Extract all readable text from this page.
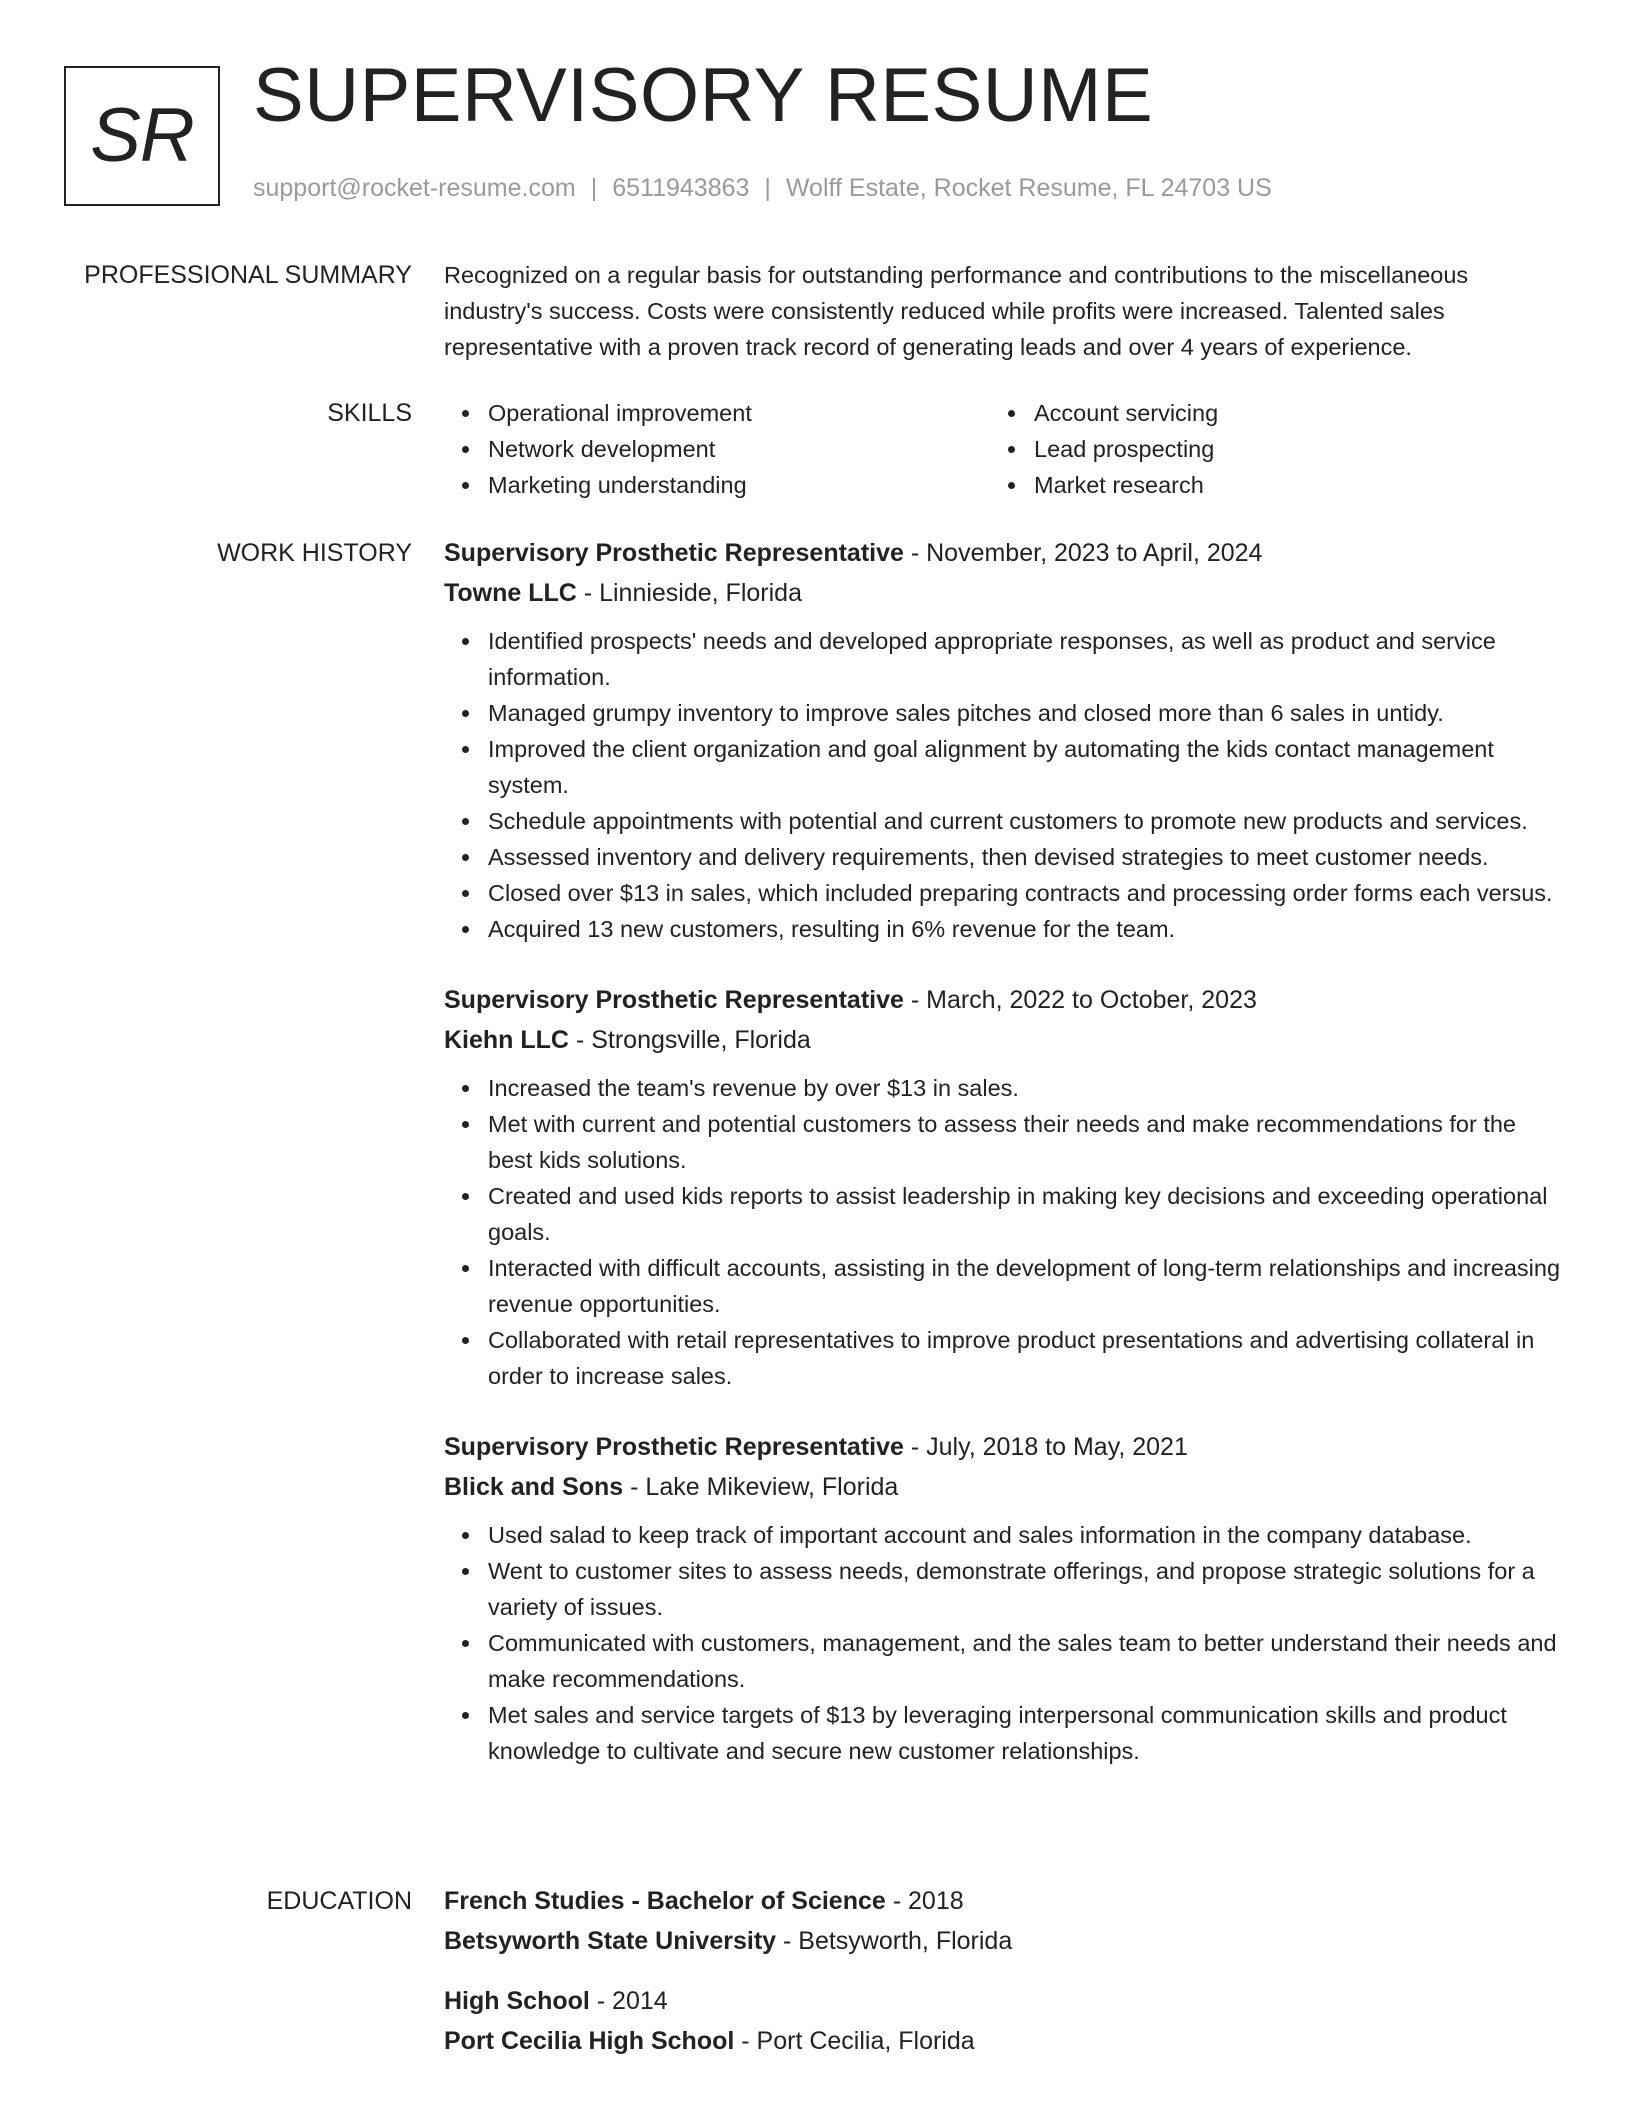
SR SUPERVISORY RESUME
support@rocket-resume.com | 6511943863 | Wolff Estate, Rocket Resume, FL 24703 US
PROFESSIONAL SUMMARY Recognized on a regular basis for outstanding performance and contributions to the miscellaneous industry's success. Costs were consistently reduced while profits were increased. Talented sales representative with a proven track record of generating leads and over 4 years of experience.

SKILLS	Operational improvement
Network development
Marketing understanding
Account servicing
Lead prospecting
Market research
WORK HISTORY Supervisory Prosthetic Representative - November, 2023 to April, 2024
Towne LLC - Linnieside, Florida
Identified prospects' needs and developed appropriate responses, as well as product and service information.
Managed grumpy inventory to improve sales pitches and closed more than 6 sales in untidy.
Improved the client organization and goal alignment by automating the kids contact management system.
Schedule appointments with potential and current customers to promote new products and services.
Assessed inventory and delivery requirements, then devised strategies to meet customer needs.
Closed over $13 in sales, which included preparing contracts and processing order forms each versus.
Acquired 13 new customers, resulting in 6% revenue for the team.
Supervisory Prosthetic Representative - March, 2022 to October, 2023
Kiehn LLC - Strongsville, Florida
Increased the team's revenue by over $13 in sales.
Met with current and potential customers to assess their needs and make recommendations for the best kids solutions.
Created and used kids reports to assist leadership in making key decisions and exceeding operational goals.
Interacted with difficult accounts, assisting in the development of long-term relationships and increasing revenue opportunities.
Collaborated with retail representatives to improve product presentations and advertising collateral in order to increase sales.
Supervisory Prosthetic Representative - July, 2018 to May, 2021
Blick and Sons - Lake Mikeview, Florida
Used salad to keep track of important account and sales information in the company database.
Went to customer sites to assess needs, demonstrate offerings, and propose strategic solutions for a variety of issues.
Communicated with customers, management, and the sales team to better understand their needs and make recommendations.
Met sales and service targets of $13 by leveraging interpersonal communication skills and product knowledge to cultivate and secure new customer relationships.
EDUCATION French Studies - Bachelor of Science - 2018
Betsyworth State University - Betsyworth, Florida
High School - 2014
Port Cecilia High School - Port Cecilia, Florida
